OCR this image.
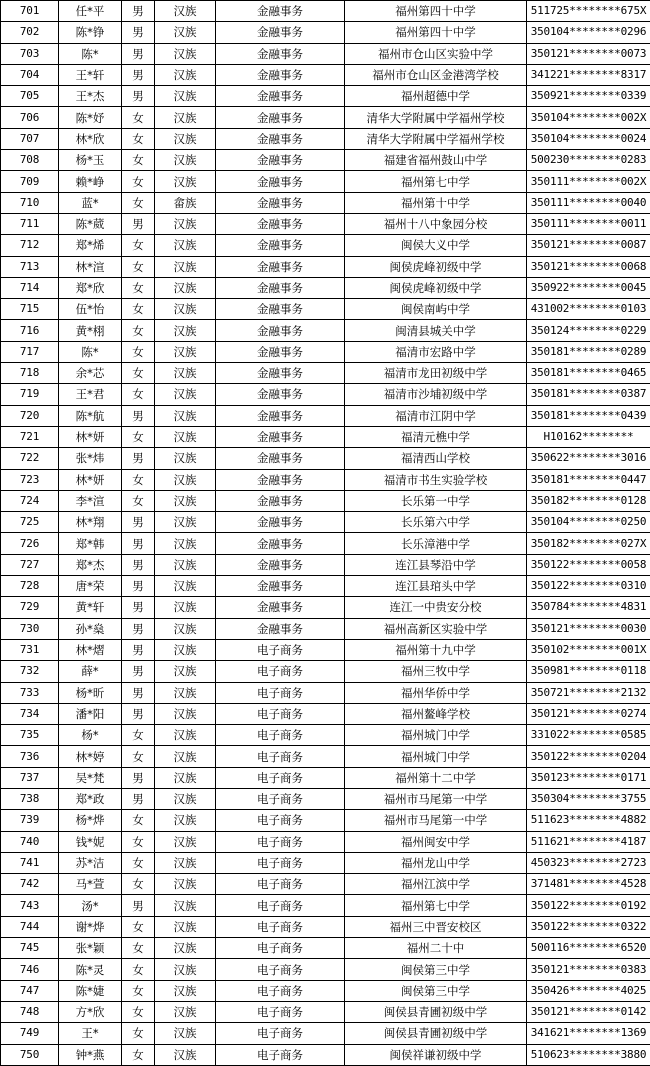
701	任*平	男	汉族	金融事务	福州第四十中学	511725********675X
702	陈*铮	男	汉族	金融事务	福州第四十中学	350104********0296
703	陈*	男	汉族	金融事务	福州市仓山区实验中学	350121********0073
704	王*轩	男	汉族	金融事务	福州市仓山区金港湾学校	341221********8317
705	王*杰	男	汉族	金融事务	福州超德中学	350921********0339
706	陈*妤	女	汉族	金融事务	清华大学附属中学福州学校	350104********002X
707	林*欣	女	汉族	金融事务	清华大学附属中学福州学校	350104********0024
708	杨*玉	女	汉族	金融事务	福建省福州鼓山中学	500230********0283
709	赖*峥	女	汉族	金融事务	福州第七中学	350111********002X
710	蓝*	女	畲族	金融事务	福州第十中学	350111********0040
711	陈*葳	男	汉族	金融事务	福州十八中象园分校	350111********0011
712	郑*烯	女	汉族	金融事务	闽侯大义中学	350121********0087
713	林*渲	女	汉族	金融事务	闽侯虎峰初级中学	350121********0068
714	郑*欣	女	汉族	金融事务	闽侯虎峰初级中学	350922********0045
715	伍*怡	女	汉族	金融事务	闽侯南屿中学	431002********0103
716	黄*栩	女	汉族	金融事务	闽清县城关中学	350124********0229
717	陈*	女	汉族	金融事务	福清市宏路中学	350181********0289
718	余*芯	女	汉族	金融事务	福清市龙田初级中学	350181********0465
719	王*君	女	汉族	金融事务	福清市沙埔初级中学	350181********0387
720	陈*航	男	汉族	金融事务	福清市江阴中学	350181********0439
721	林*妍	女	汉族	金融事务	福清元樵中学	H10162********
722	张*炜	男	汉族	金融事务	福清西山学校	350622********3016
723	林*妍	女	汉族	金融事务	福清市书生实验学校	350181********0447
724	李*渲	女	汉族	金融事务	长乐第一中学	350182********0128
725	林*翔	男	汉族	金融事务	长乐第六中学	350104********0250
726	郑*韩	男	汉族	金融事务	长乐漳港中学	350182********027X
727	郑*杰	男	汉族	金融事务	连江县琴沿中学	350122********0058
728	唐*荣	男	汉族	金融事务	连江县琯头中学	350122********0310
729	黄*轩	男	汉族	金融事务	连江一中贵安分校	350784********4831
730	孙*燊	男	汉族	金融事务	福州高新区实验中学	350121********0030
731	林*熠	男	汉族	电子商务	福州第十九中学	350102********001X
732	薛*	男	汉族	电子商务	福州三牧中学	350981********0118
733	杨*昕	男	汉族	电子商务	福州华侨中学	350721********2132
734	潘*阳	男	汉族	电子商务	福州鳌峰学校	350121********0274
735	杨*	女	汉族	电子商务	福州城门中学	331022********0585
736	林*婷	女	汉族	电子商务	福州城门中学	350122********0204
737	吴*梵	男	汉族	电子商务	福州第十二中学	350123********0171
738	郑*政	男	汉族	电子商务	福州市马尾第一中学	350304********3755
739	杨*烨	女	汉族	电子商务	福州市马尾第一中学	511623********4882
740	钱*妮	女	汉族	电子商务	福州闽安中学	511621********4187
741	苏*洁	女	汉族	电子商务	福州龙山中学	450323********2723
742	马*萱	女	汉族	电子商务	福州江滨中学	371481********4528
743	汤*	男	汉族	电子商务	福州第七中学	350122********0192
744	谢*烨	女	汉族	电子商务	福州三中晋安校区	350122********0322
745	张*颖	女	汉族	电子商务	福州二十中	500116********6520
746	陈*灵	女	汉族	电子商务	闽侯第三中学	350121********0383
747	陈*婕	女	汉族	电子商务	闽侯第三中学	350426********4025
748	方*欣	女	汉族	电子商务	闽侯县青圃初级中学	350121********0142
749	王*	女	汉族	电子商务	闽侯县青圃初级中学	341621********1369
750	钟*燕	女	汉族	电子商务	闽侯祥谦初级中学	510623********3880
